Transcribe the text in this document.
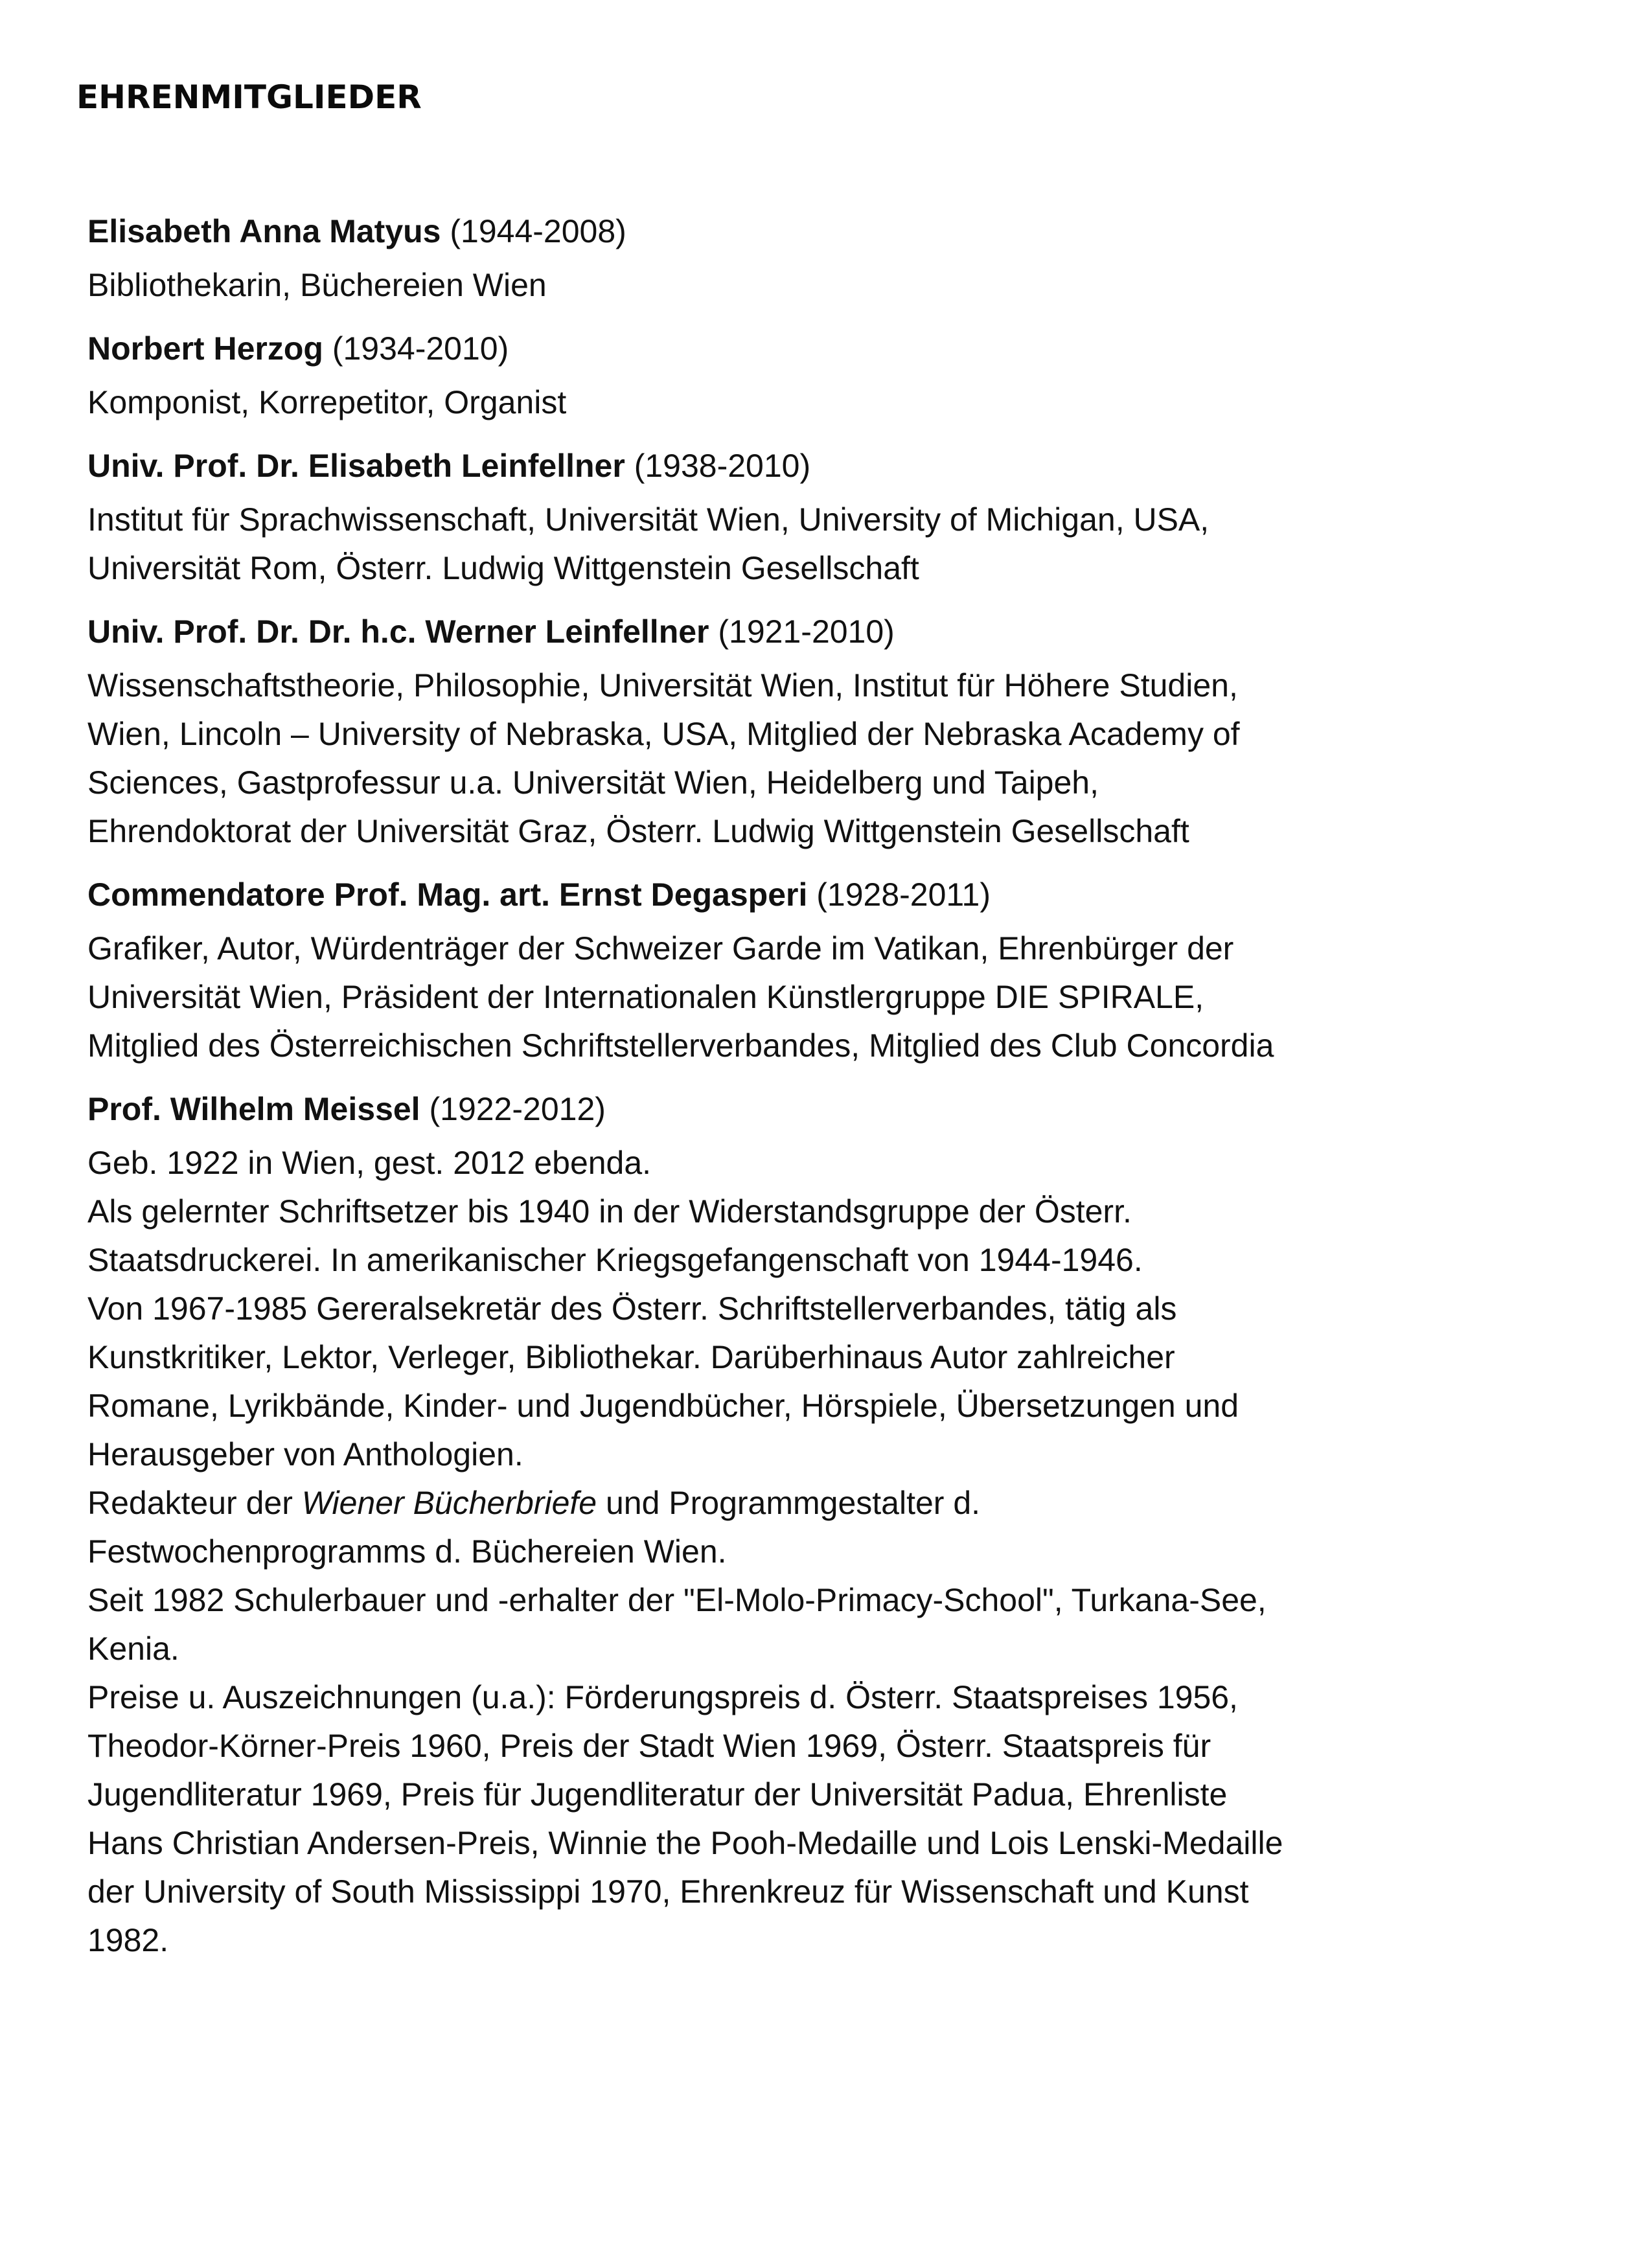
EHRENMITGLIEDER
Elisabeth Anna Matyus (1944-2008)
Bibliothekarin, Büchereien Wien
Norbert Herzog (1934-2010)
Komponist, Korrepetitor, Organist
Univ. Prof. Dr. Elisabeth Leinfellner (1938-2010)
Institut für Sprachwissenschaft, Universität Wien, University of Michigan, USA,
Universität Rom, Österr. Ludwig Wittgenstein Gesellschaft
Univ. Prof. Dr. Dr. h.c. Werner Leinfellner (1921-2010)
Wissenschaftstheorie, Philosophie, Universität Wien, Institut für Höhere Studien,
Wien, Lincoln – University of Nebraska, USA, Mitglied der Nebraska Academy of
Sciences, Gastprofessur u.a. Universität Wien, Heidelberg und Taipeh,
Ehrendoktorat der Universität Graz, Österr. Ludwig Wittgenstein Gesellschaft
Commendatore Prof. Mag. art. Ernst Degasperi (1928-2011)
Grafiker, Autor, Würdenträger der Schweizer Garde im Vatikan, Ehrenbürger der
Universität Wien, Präsident der Internationalen Künstlergruppe DIE SPIRALE,
Mitglied des Österreichischen Schriftstellerverbandes, Mitglied des Club Concordia
Prof. Wilhelm Meissel (1922-2012)
Geb. 1922 in Wien, gest. 2012 ebenda.
Als gelernter Schriftsetzer bis 1940 in der Widerstandsgruppe der Österr.
Staatsdruckerei. In amerikanischer Kriegsgefangenschaft von 1944-1946.
Von 1967-1985 Gereralsekretär des Österr. Schriftstellerverbandes, tätig als
Kunstkritiker, Lektor, Verleger, Bibliothekar. Darüberhinaus Autor zahlreicher
Romane, Lyrikbände, Kinder- und Jugendbücher, Hörspiele, Übersetzungen und
Herausgeber von Anthologien.
Redakteur der Wiener Bücherbriefe und Programmgestalter d.
Festwochenprogramms d. Büchereien Wien.
Seit 1982 Schulerbauer und -erhalter der "El-Molo-Primacy-School", Turkana-See,
Kenia.
Preise u. Auszeichnungen (u.a.): Förderungspreis d. Österr. Staatspreises 1956,
Theodor-Körner-Preis 1960, Preis der Stadt Wien 1969, Österr. Staatspreis für
Jugendliteratur 1969, Preis für Jugendliteratur der Universität Padua, Ehrenliste
Hans Christian Andersen-Preis, Winnie the Pooh-Medaille und Lois Lenski-Medaille
der University of South Mississippi 1970, Ehrenkreuz für Wissenschaft und Kunst
1982.
